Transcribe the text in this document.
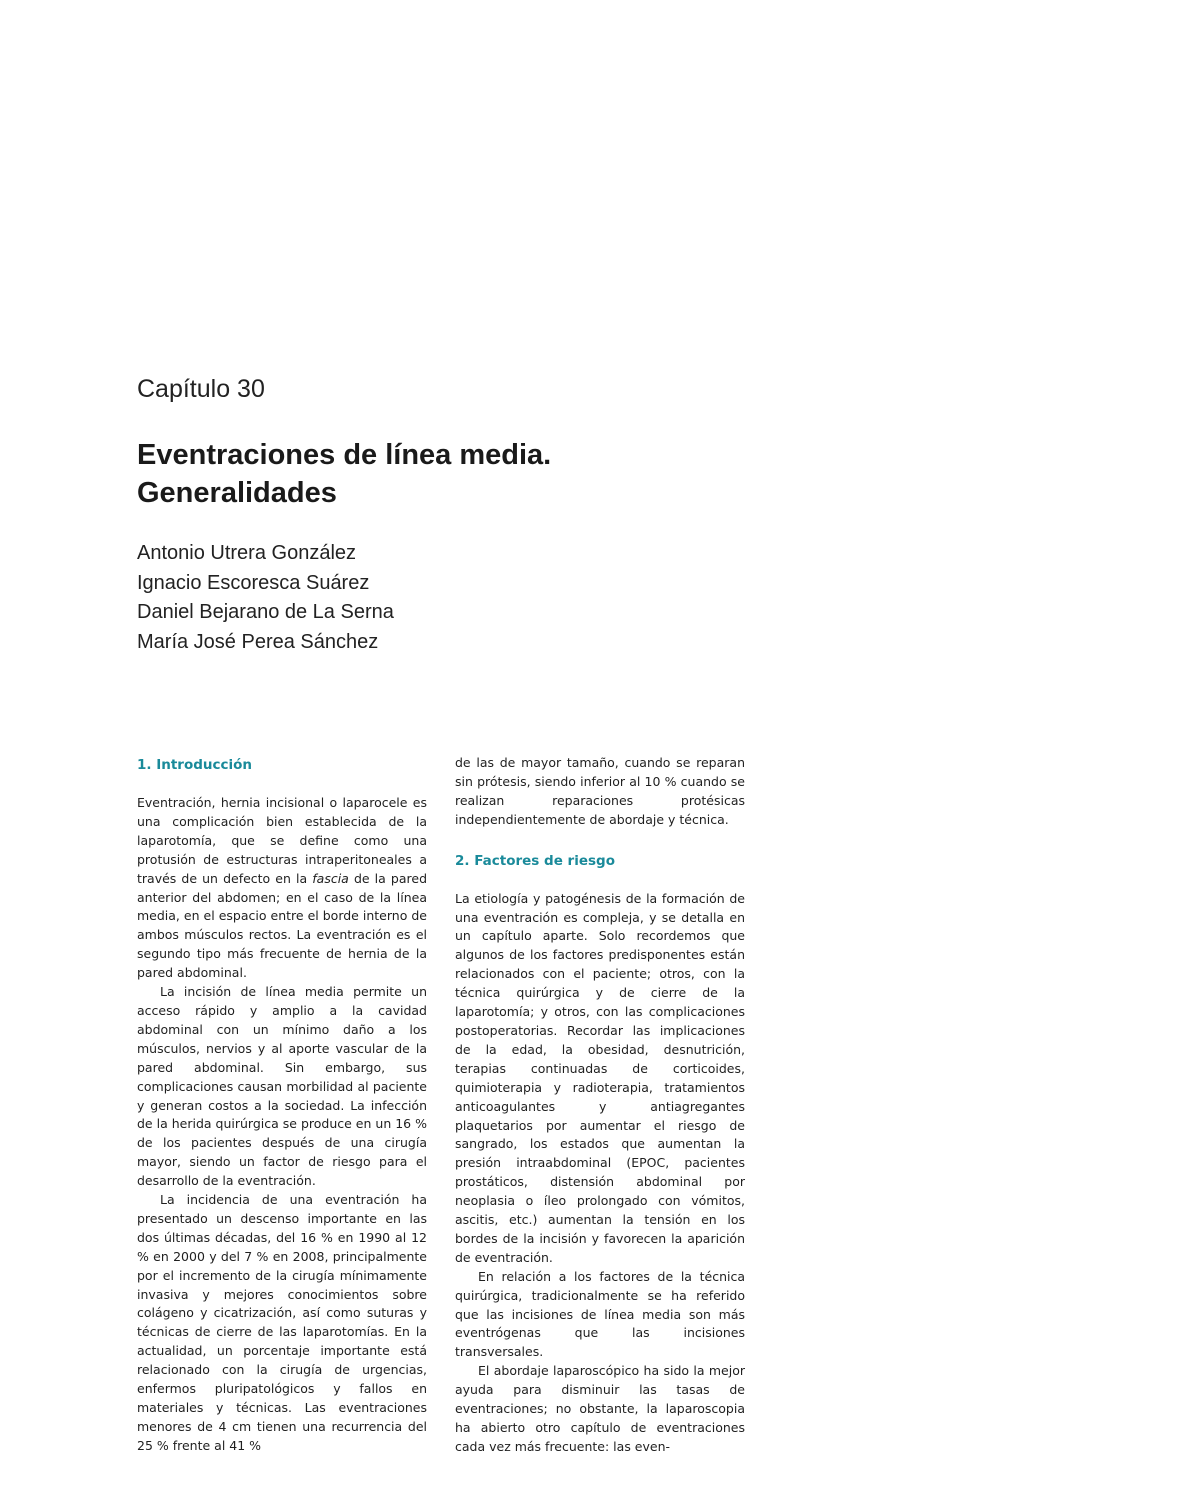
Capítulo 30
Eventraciones de línea media.
Generalidades
Antonio Utrera González
Ignacio Escoresca Suárez
Daniel Bejarano de La Serna
María José Perea Sánchez
1. Introducción

Eventración, hernia incisional o laparocele es una complicación bien establecida de la laparotomía, que se define como una protusión de estructuras intraperitoneales a través de un defecto en la fascia de la pared anterior del abdomen; en el caso de la línea media, en el espacio entre el borde interno de ambos músculos rectos. La eventración es el segundo tipo más frecuente de hernia de la pared abdominal.

La incisión de línea media permite un acceso rápido y amplio a la cavidad abdominal con un mínimo daño a los músculos, nervios y al aporte vascular de la pared abdominal. Sin embargo, sus complicaciones causan morbilidad al paciente y generan costos a la sociedad. La infección de la herida quirúrgica se produce en un 16 % de los pacientes después de una cirugía mayor, siendo un factor de riesgo para el desarrollo de la eventración.

La incidencia de una eventración ha presentado un descenso importante en las dos últimas décadas, del 16 % en 1990 al 12 % en 2000 y del 7 % en 2008, principalmente por el incremento de la cirugía mínimamente invasiva y mejores conocimientos sobre colágeno y cicatrización, así como suturas y técnicas de cierre de las laparotomías. En la actualidad, un porcentaje importante está relacionado con la cirugía de urgencias, enfermos pluripatológicos y fallos en materiales y técnicas. Las eventraciones menores de 4 cm tienen una recurrencia del 25 % frente al 41 %

de las de mayor tamaño, cuando se reparan sin prótesis, siendo inferior al 10 % cuando se realizan reparaciones protésicas independientemente de abordaje y técnica.

2. Factores de riesgo

La etiología y patogénesis de la formación de una eventración es compleja, y se detalla en un capítulo aparte. Solo recordemos que algunos de los factores predisponentes están relacionados con el paciente; otros, con la técnica quirúrgica y de cierre de la laparotomía; y otros, con las complicaciones postoperatorias. Recordar las implicaciones de la edad, la obesidad, desnutrición, terapias continuadas de corticoides, quimioterapia y radioterapia, tratamientos anticoagulantes y antiagregantes plaquetarios por aumentar el riesgo de sangrado, los estados que aumentan la presión intraabdominal (EPOC, pacientes prostáticos, distensión abdominal por neoplasia o íleo prolongado con vómitos, ascitis, etc.) aumentan la tensión en los bordes de la incisión y favorecen la aparición de eventración.

En relación a los factores de la técnica quirúrgica, tradicionalmente se ha referido que las incisiones de línea media son más eventrógenas que las incisiones transversales.

El abordaje laparoscópico ha sido la mejor ayuda para disminuir las tasas de eventraciones; no obstante, la laparoscopia ha abierto otro capítulo de eventraciones cada vez más frecuente: las even-
